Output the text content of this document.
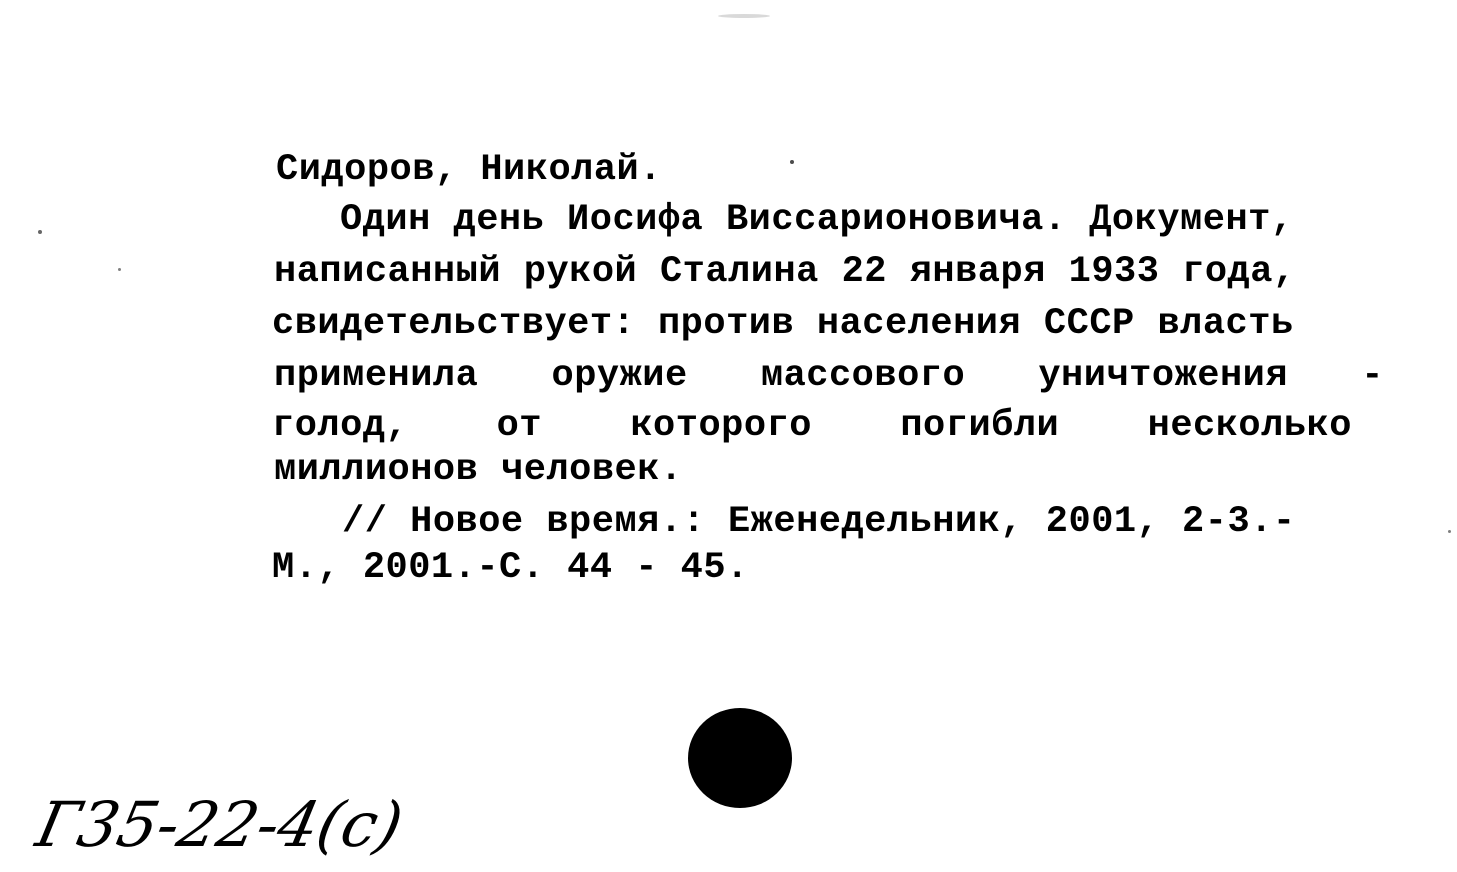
Сидоров, Николай.
Один день Иосифа Виссарионовича. Документ,
написанный рукой Сталина 22 января 1933 года,
свидетельствует: против населения СССР власть
применила оружие массового уничтожения -
голод, от которого погибли несколько
миллионов человек.
// Новое время.: Еженедельник, 2001, 2-3.-
М., 2001.-С. 44 - 45.
Г35-22-4(с)
